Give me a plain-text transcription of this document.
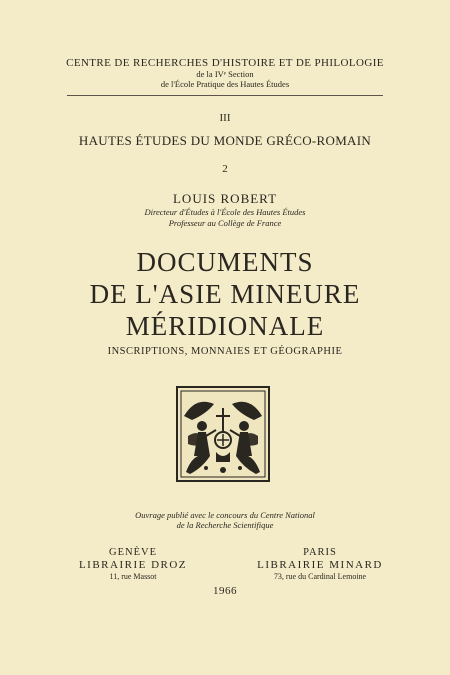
CENTRE DE RECHERCHES D'HISTOIRE ET DE PHILOLOGIE
de la IVᵉ Section
de l'École Pratique des Hautes Études
III
HAUTES ÉTUDES DU MONDE GRÉCO-ROMAIN
2
LOUIS ROBERT
Directeur d'Études à l'École des Hautes Études
Professeur au Collège de France
DOCUMENTS
DE L'ASIE MINEURE
MÉRIDIONALE
INSCRIPTIONS, MONNAIES ET GÉOGRAPHIE
Ouvrage publié avec le concours du Centre National
de la Recherche Scientifique
GENÈVE
LIBRAIRIE DROZ
11, rue Massot
PARIS
LIBRAIRIE MINARD
73, rue du Cardinal Lemoine
1966
